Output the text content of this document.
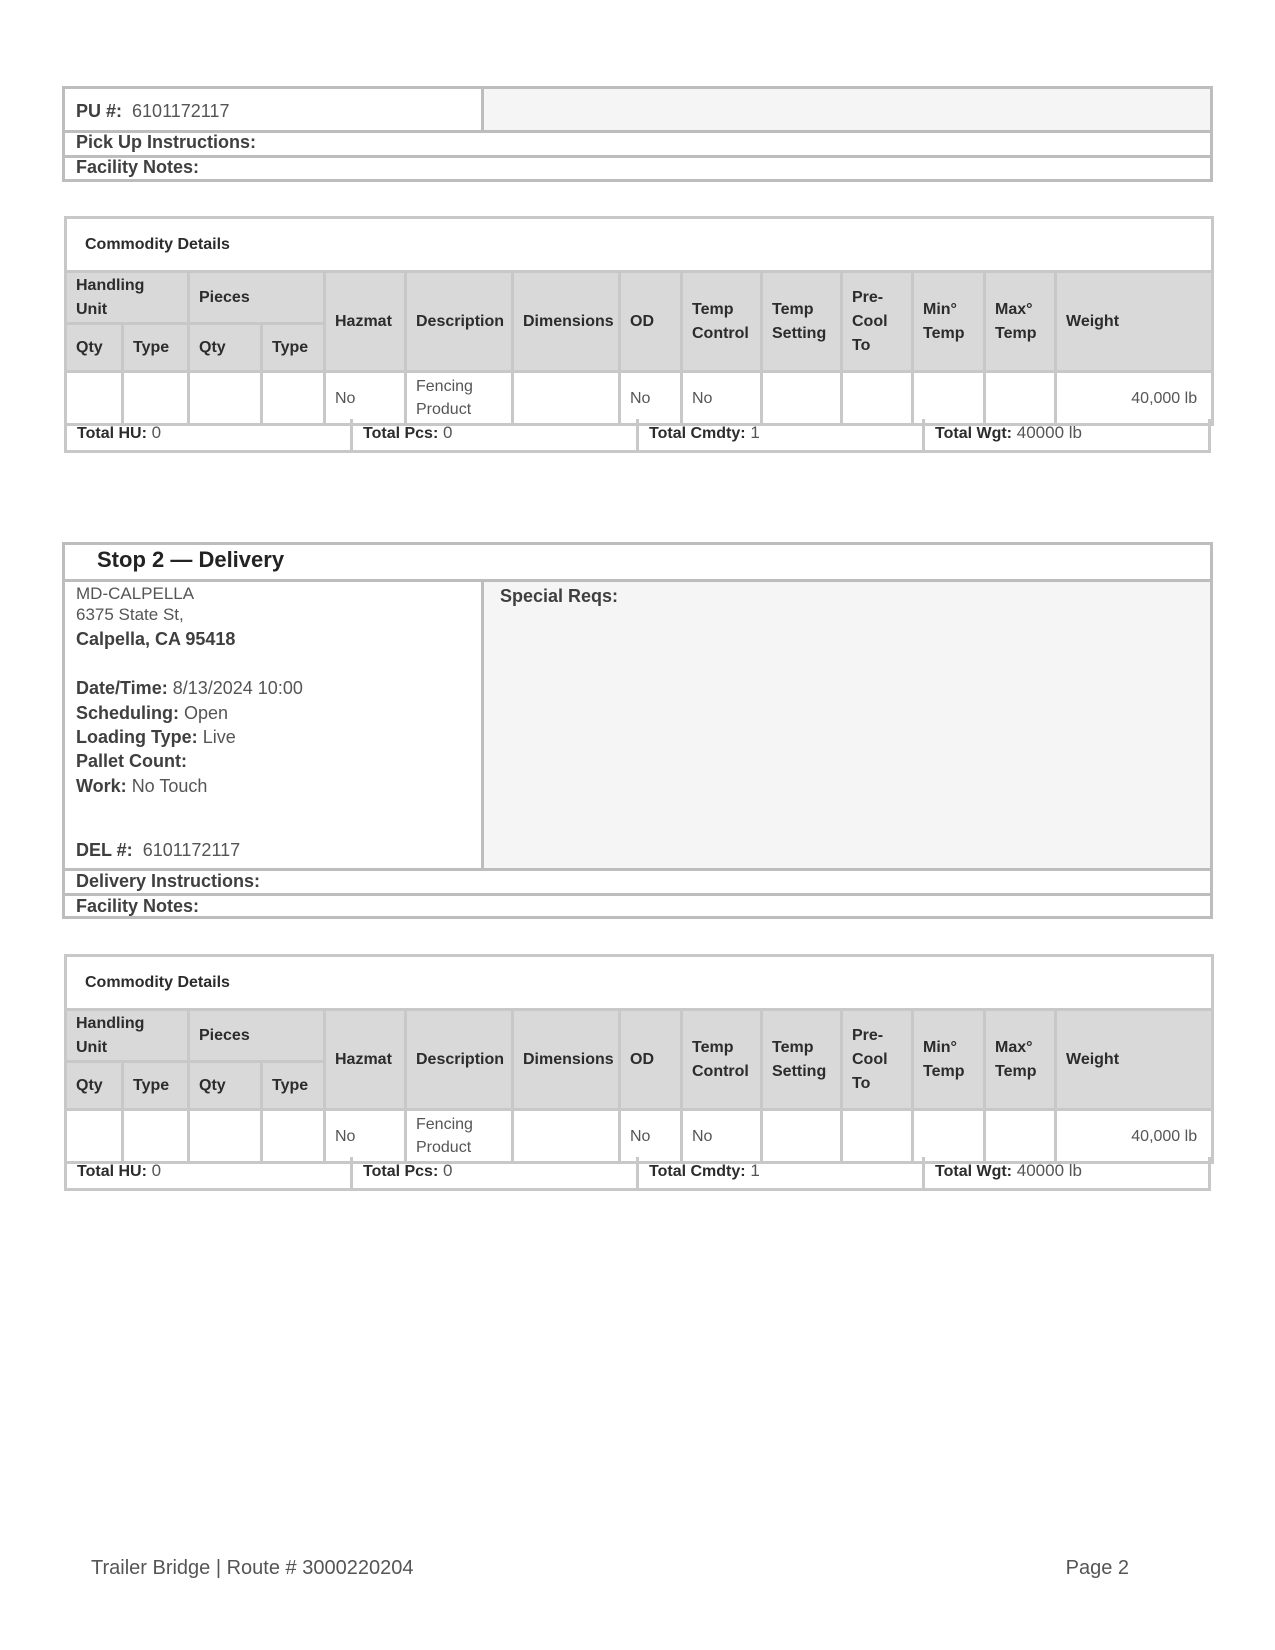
PU #: 6101172117
Pick Up Instructions:
Facility Notes:
Commodity Details													
Handling Unit		Pieces		Hazmat	Description	Dimensions	OD	Temp Control	Temp Setting	Pre-Cool To	Min° Temp	Max° Temp	Weight
Qty	Type	Qty	Type										
				No	Fencing Product		No	No					40,000 lb
Total HU: 0	Total Pcs: 0	Total Cmdty: 1	Total Wgt: 40000 lb
Stop 2 — Delivery
MD-CALPELLA
6375 State St,
Calpella, CA 95418
Date/Time: 8/13/2024 10:00
Scheduling: Open
Loading Type: Live
Pallet Count:
Work: No Touch
DEL #: 6101172117
Special Reqs:
Delivery Instructions:
Facility Notes:
Commodity Details													
Handling Unit		Pieces		Hazmat	Description	Dimensions	OD	Temp Control	Temp Setting	Pre-Cool To	Min° Temp	Max° Temp	Weight
Qty	Type	Qty	Type										
				No	Fencing Product		No	No					40,000 lb
Total HU: 0	Total Pcs: 0	Total Cmdty: 1	Total Wgt: 40000 lb
Trailer Bridge | Route # 3000220204	Page 2
